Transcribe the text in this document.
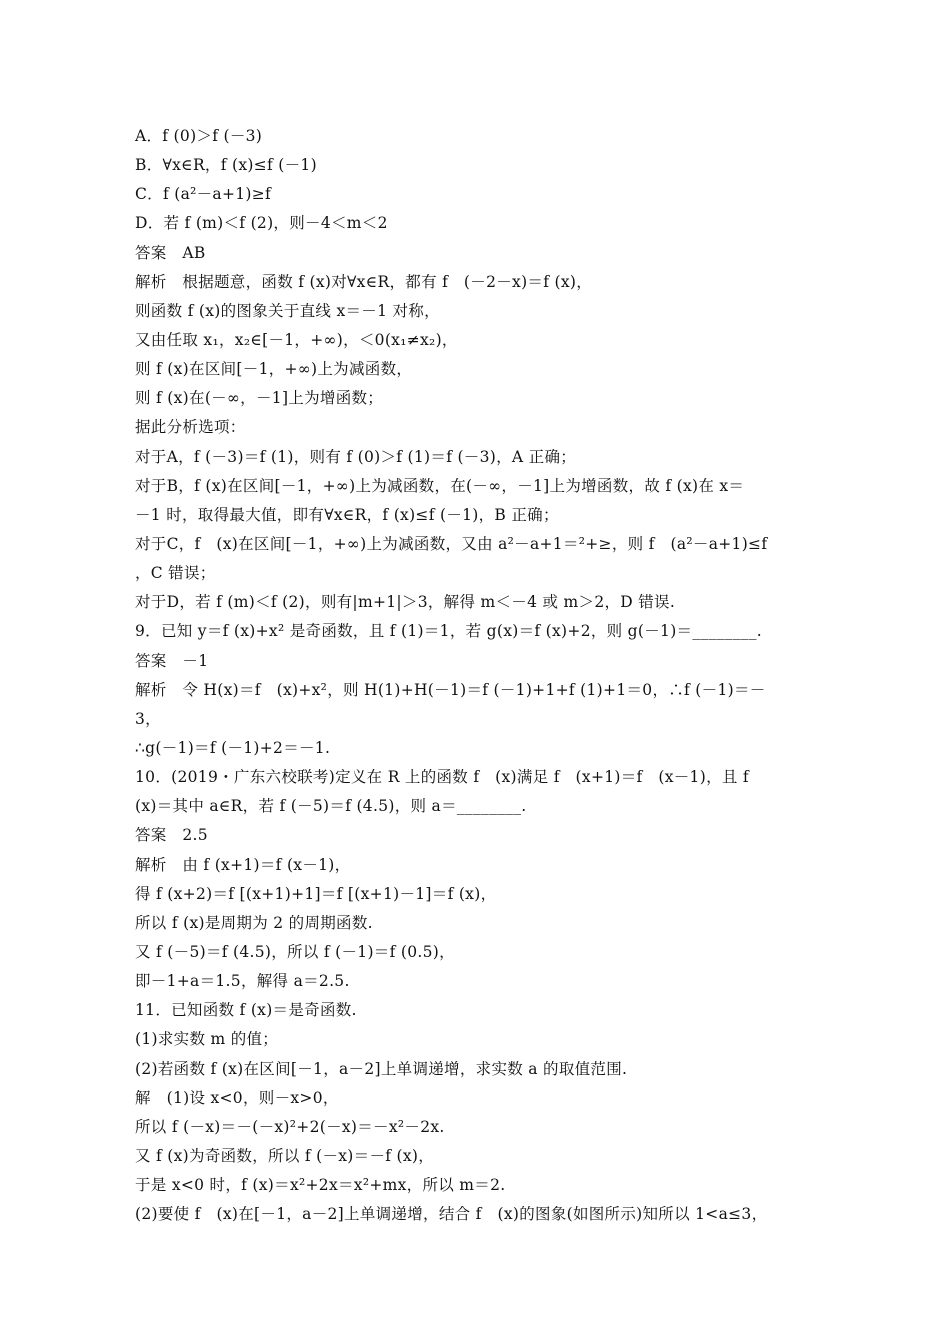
A．f (0)＞f (－3)
B．∀x∈R，f (x)≤f (－1)
C．f (a²－a+1)≥f
D．若 f (m)＜f (2)，则－4＜m＜2
答案　AB
解析　根据题意，函数 f (x)对∀x∈R，都有 f　(－2－x)＝f (x)，
则函数 f (x)的图象关于直线 x＝－1 对称，
又由任取 x₁，x₂∈[－1，+∞)，＜0(x₁≠x₂)，
则 f (x)在区间[－1，+∞)上为减函数，
则 f (x)在(－∞，－1]上为增函数；
据此分析选项：
对于A，f (－3)＝f (1)，则有 f (0)＞f (1)＝f (－3)，A 正确；
对于B，f (x)在区间[－1，+∞)上为减函数，在(－∞，－1]上为增函数，故 f (x)在 x＝
－1 时，取得最大值，即有∀x∈R，f (x)≤f (－1)，B 正确；
对于C，f　(x)在区间[－1，+∞)上为减函数，又由 a²－a+1＝²+≥，则 f　(a²－a+1)≤f
，C 错误；
对于D，若 f (m)＜f (2)，则有|m+1|＞3，解得 m＜－4 或 m＞2，D 错误.
9．已知 y＝f (x)+x² 是奇函数，且 f (1)＝1，若 g(x)＝f (x)+2，则 g(－1)＝________.
答案　－1
解析　令 H(x)＝f　(x)+x²，则 H(1)+H(－1)＝f (－1)+1+f (1)+1＝0，∴f (－1)＝－
3，
∴g(－1)＝f (－1)+2＝－1.
10．(2019・广东六校联考)定义在 R 上的函数 f　(x)满足 f　(x+1)＝f　(x－1)，且 f
(x)＝其中 a∈R，若 f (－5)＝f (4.5)，则 a＝________.
答案　2.5
解析　由 f (x+1)＝f (x－1)，
得 f (x+2)＝f [(x+1)+1]＝f [(x+1)－1]＝f (x)，
所以 f (x)是周期为 2 的周期函数.
又 f (－5)＝f (4.5)，所以 f (－1)＝f (0.5)，
即－1+a＝1.5，解得 a＝2.5.
11．已知函数 f (x)＝是奇函数.
(1)求实数 m 的值；
(2)若函数 f (x)在区间[－1，a－2]上单调递增，求实数 a 的取值范围.
解　(1)设 x<0，则－x>0，
所以 f (－x)＝－(－x)²+2(－x)＝－x²－2x.
又 f (x)为奇函数，所以 f (－x)＝－f (x)，
于是 x<0 时，f (x)＝x²+2x＝x²+mx，所以 m＝2.
(2)要使 f　(x)在[－1，a－2]上单调递增，结合 f　(x)的图象(如图所示)知所以 1<a≤3，
